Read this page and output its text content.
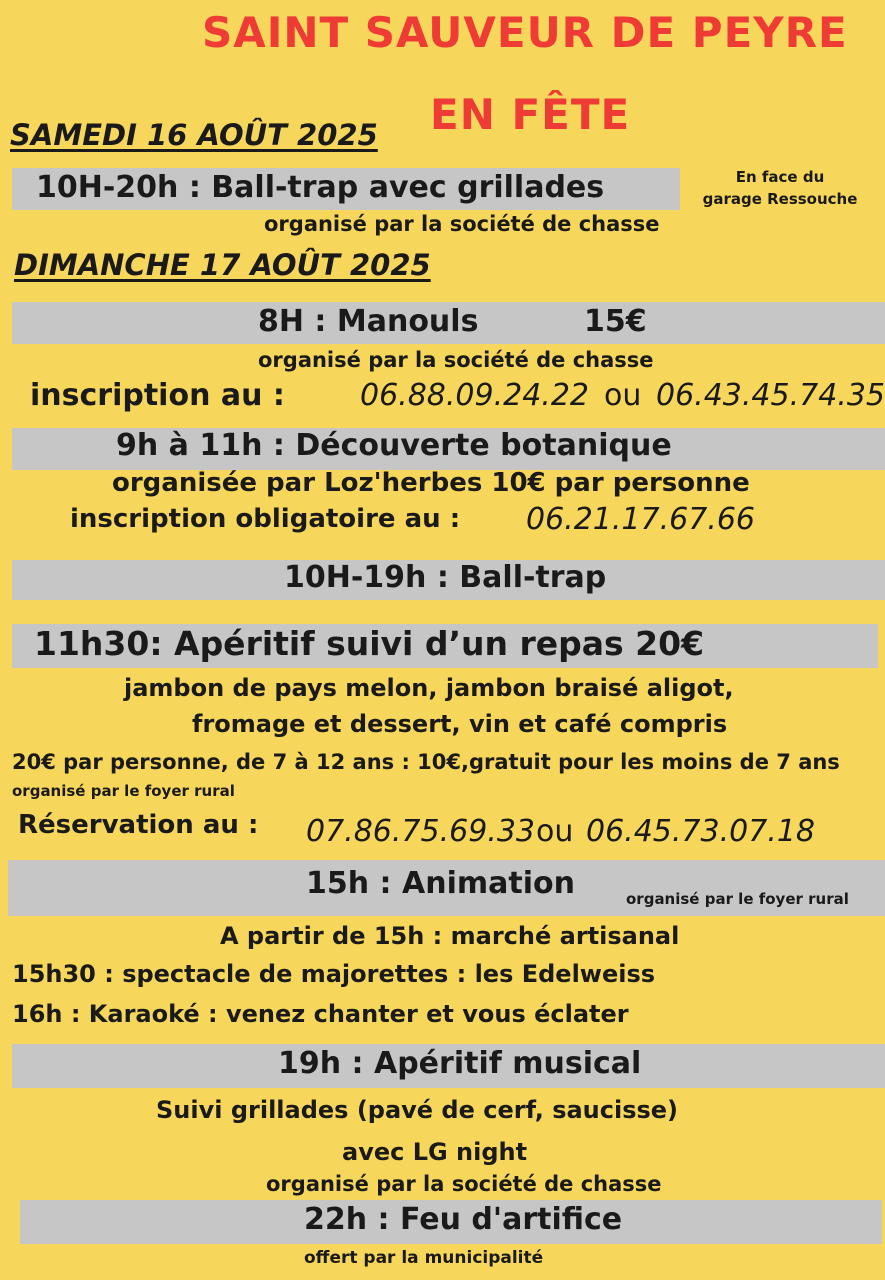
SAINT SAUVEUR DE PEYRE
EN FÊTE
SAMEDI 16 AOÛT 2025
10H-20h : Ball-trap avec grillades	En face du
garage Ressouche
organisé par la société de chasse
DIMANCHE 17 AOÛT 2025
8H : Manouls	15€
organisé par la société de chasse
inscription au :	06.88.09.24.22 ou 06.43.45.74.35
9h à 11h : Découverte botanique
organisée par Loz'herbes 10€ par personne
inscription obligatoire au : 06.21.17.67.66
10H-19h : Ball-trap
11h30: Apéritif suivi d’un repas 20€
jambon de pays melon, jambon braisé aligot,
fromage et dessert, vin et café compris
20€ par personne, de 7 à 12 ans : 10€,gratuit pour les moins de 7 ans
organisé par le foyer rural
Réservation au : 07.86.75.69.33 ou 06.45.73.07.18
15h : Animation	organisé par le foyer rural
A partir de 15h : marché artisanal
15h30 : spectacle de majorettes : les Edelweiss
16h : Karaoké : venez chanter et vous éclater
19h : Apéritif musical
Suivi grillades (pavé de cerf, saucisse)
avec LG night
organisé par la société de chasse
22h : Feu d'artifice
offert par la municipalité
